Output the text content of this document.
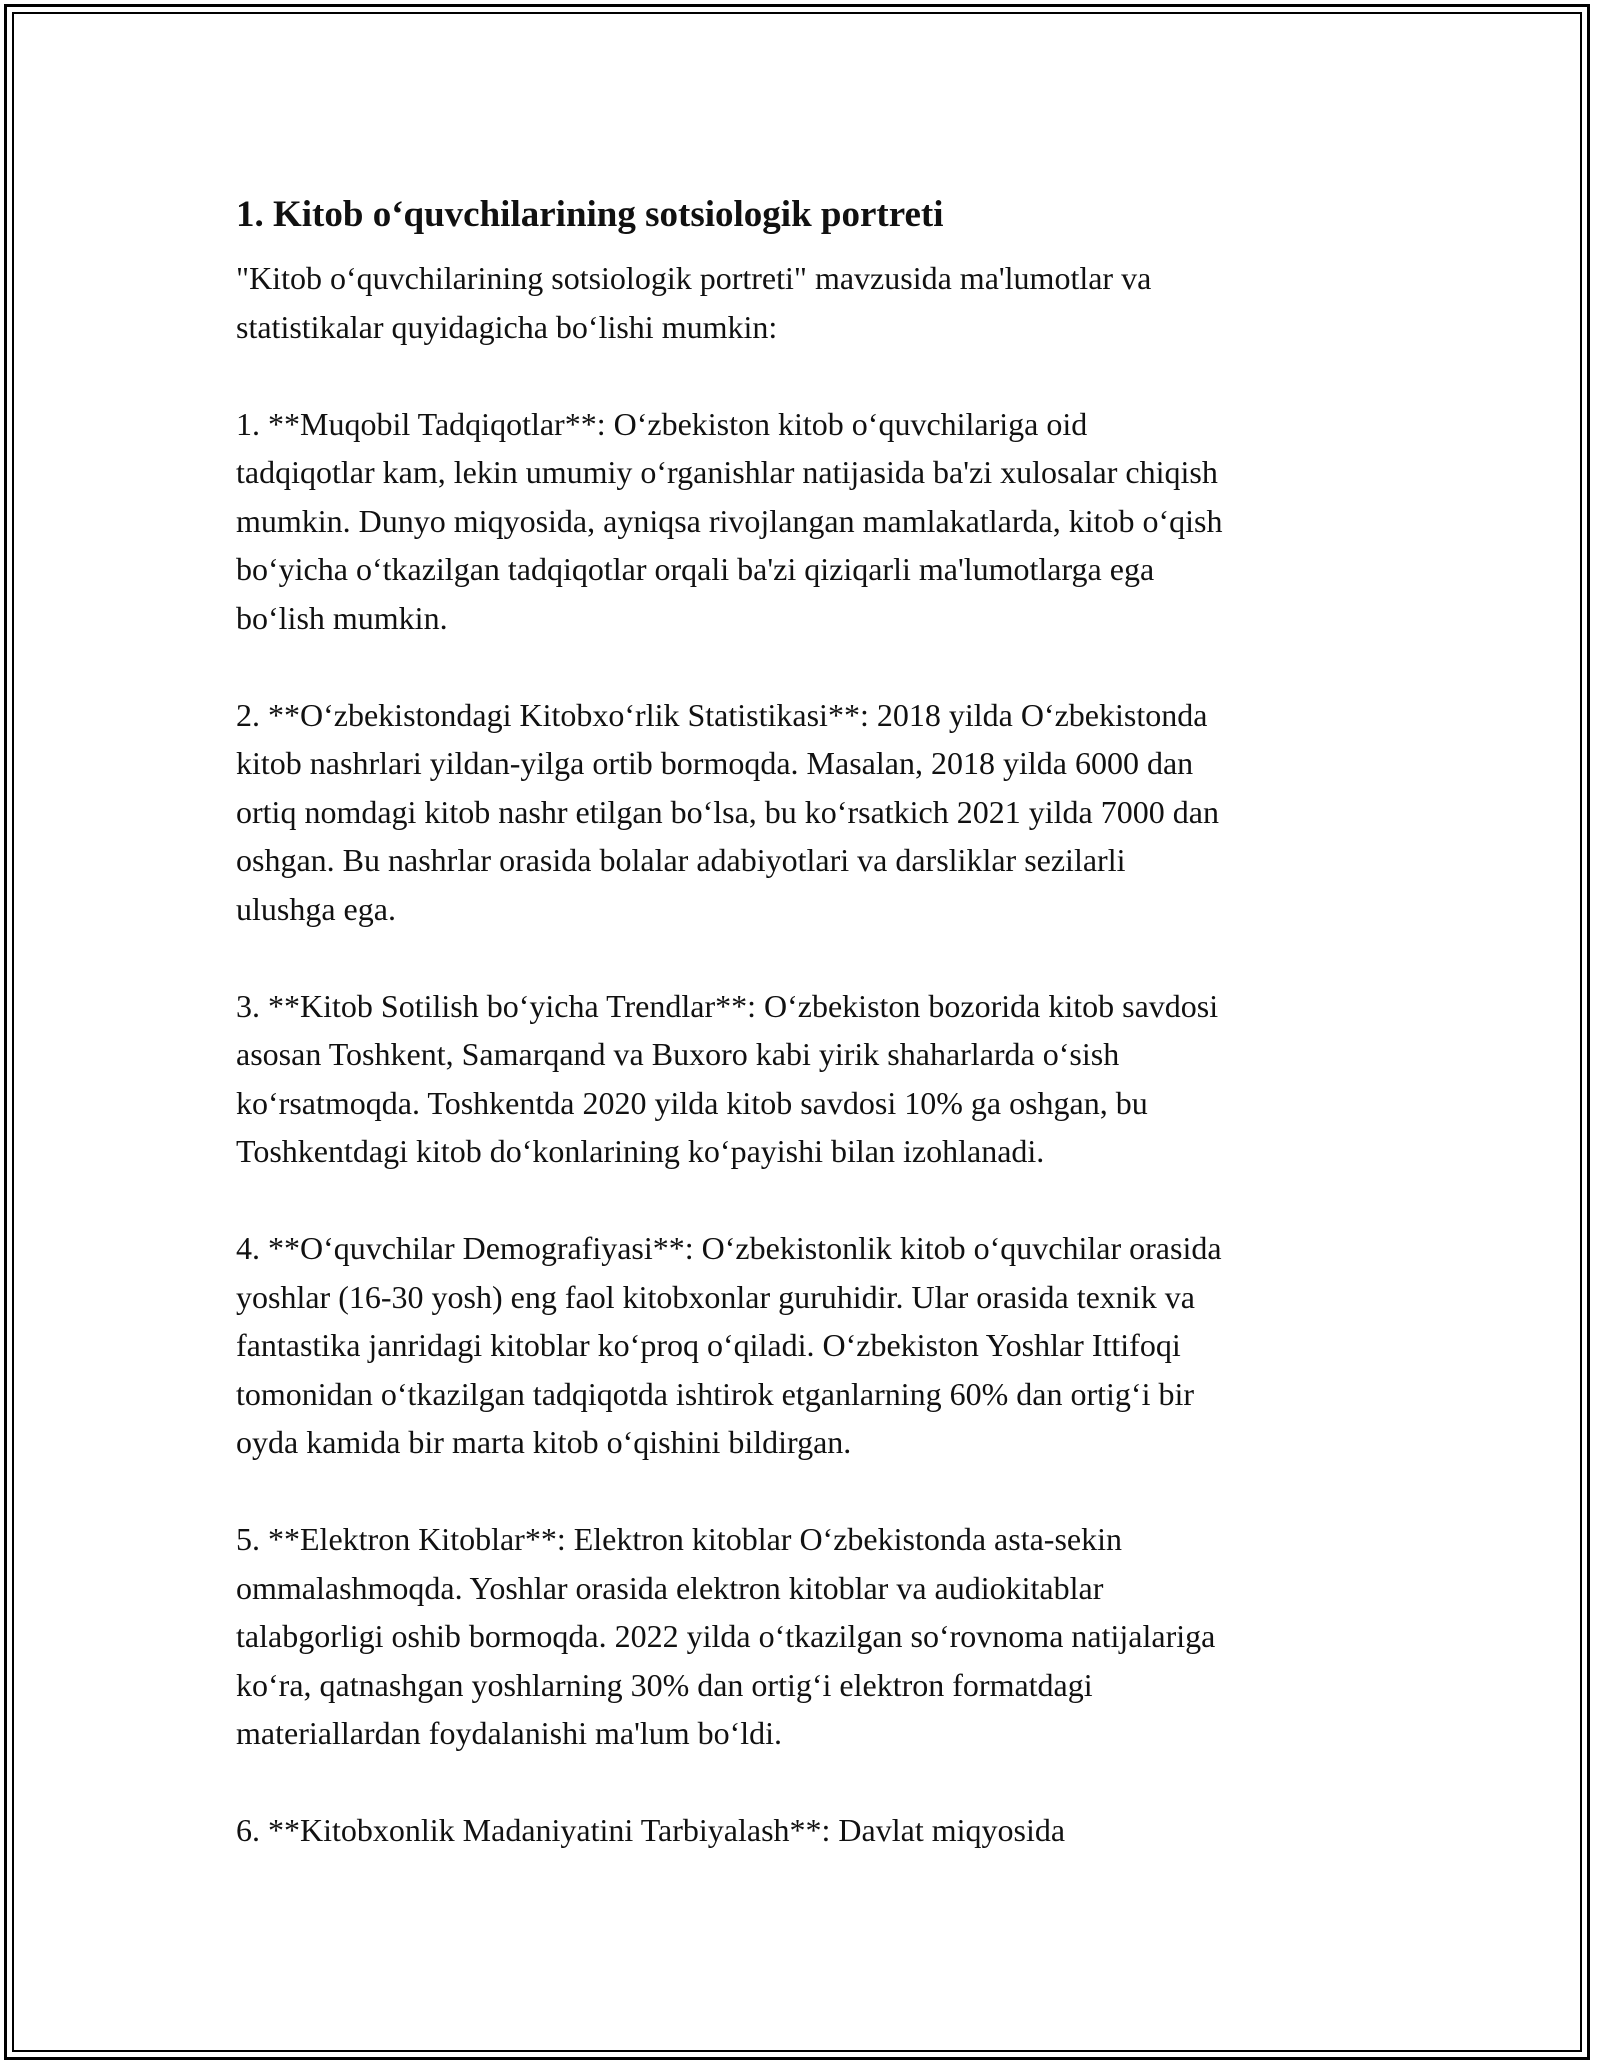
1. Kitob o‘quvchilarining sotsiologik portreti

"Kitob o‘quvchilarining sotsiologik portreti" mavzusida ma'lumotlar va
statistikalar quyidagicha bo‘lishi mumkin:

1. **Muqobil Tadqiqotlar**: O‘zbekiston kitob o‘quvchilariga oid
tadqiqotlar kam, lekin umumiy o‘rganishlar natijasida ba'zi xulosalar chiqish
mumkin. Dunyo miqyosida, ayniqsa rivojlangan mamlakatlarda, kitob o‘qish
bo‘yicha o‘tkazilgan tadqiqotlar orqali ba'zi qiziqarli ma'lumotlarga ega
bo‘lish mumkin.

2. **O‘zbekistondagi Kitobxo‘rlik Statistikasi**: 2018 yilda O‘zbekistonda
kitob nashrlari yildan-yilga ortib bormoqda. Masalan, 2018 yilda 6000 dan
ortiq nomdagi kitob nashr etilgan bo‘lsa, bu ko‘rsatkich 2021 yilda 7000 dan
oshgan. Bu nashrlar orasida bolalar adabiyotlari va darsliklar sezilarli
ulushga ega.

3. **Kitob Sotilish bo‘yicha Trendlar**: O‘zbekiston bozorida kitob savdosi
asosan Toshkent, Samarqand va Buxoro kabi yirik shaharlarda o‘sish
ko‘rsatmoqda. Toshkentda 2020 yilda kitob savdosi 10% ga oshgan, bu
Toshkentdagi kitob do‘konlarining ko‘payishi bilan izohlanadi.

4. **O‘quvchilar Demografiyasi**: O‘zbekistonlik kitob o‘quvchilar orasida
yoshlar (16-30 yosh) eng faol kitobxonlar guruhidir. Ular orasida texnik va
fantastika janridagi kitoblar ko‘proq o‘qiladi. O‘zbekiston Yoshlar Ittifoqi
tomonidan o‘tkazilgan tadqiqotda ishtirok etganlarning 60% dan ortig‘i bir
oyda kamida bir marta kitob o‘qishini bildirgan.

5. **Elektron Kitoblar**: Elektron kitoblar O‘zbekistonda asta-sekin
ommalashmoqda. Yoshlar orasida elektron kitoblar va audiokitablar
talabgorligi oshib bormoqda. 2022 yilda o‘tkazilgan so‘rovnoma natijalariga
ko‘ra, qatnashgan yoshlarning 30% dan ortig‘i elektron formatdagi
materiallardan foydalanishi ma'lum bo‘ldi.

6. **Kitobxonlik Madaniyatini Tarbiyalash**: Davlat miqyosida
